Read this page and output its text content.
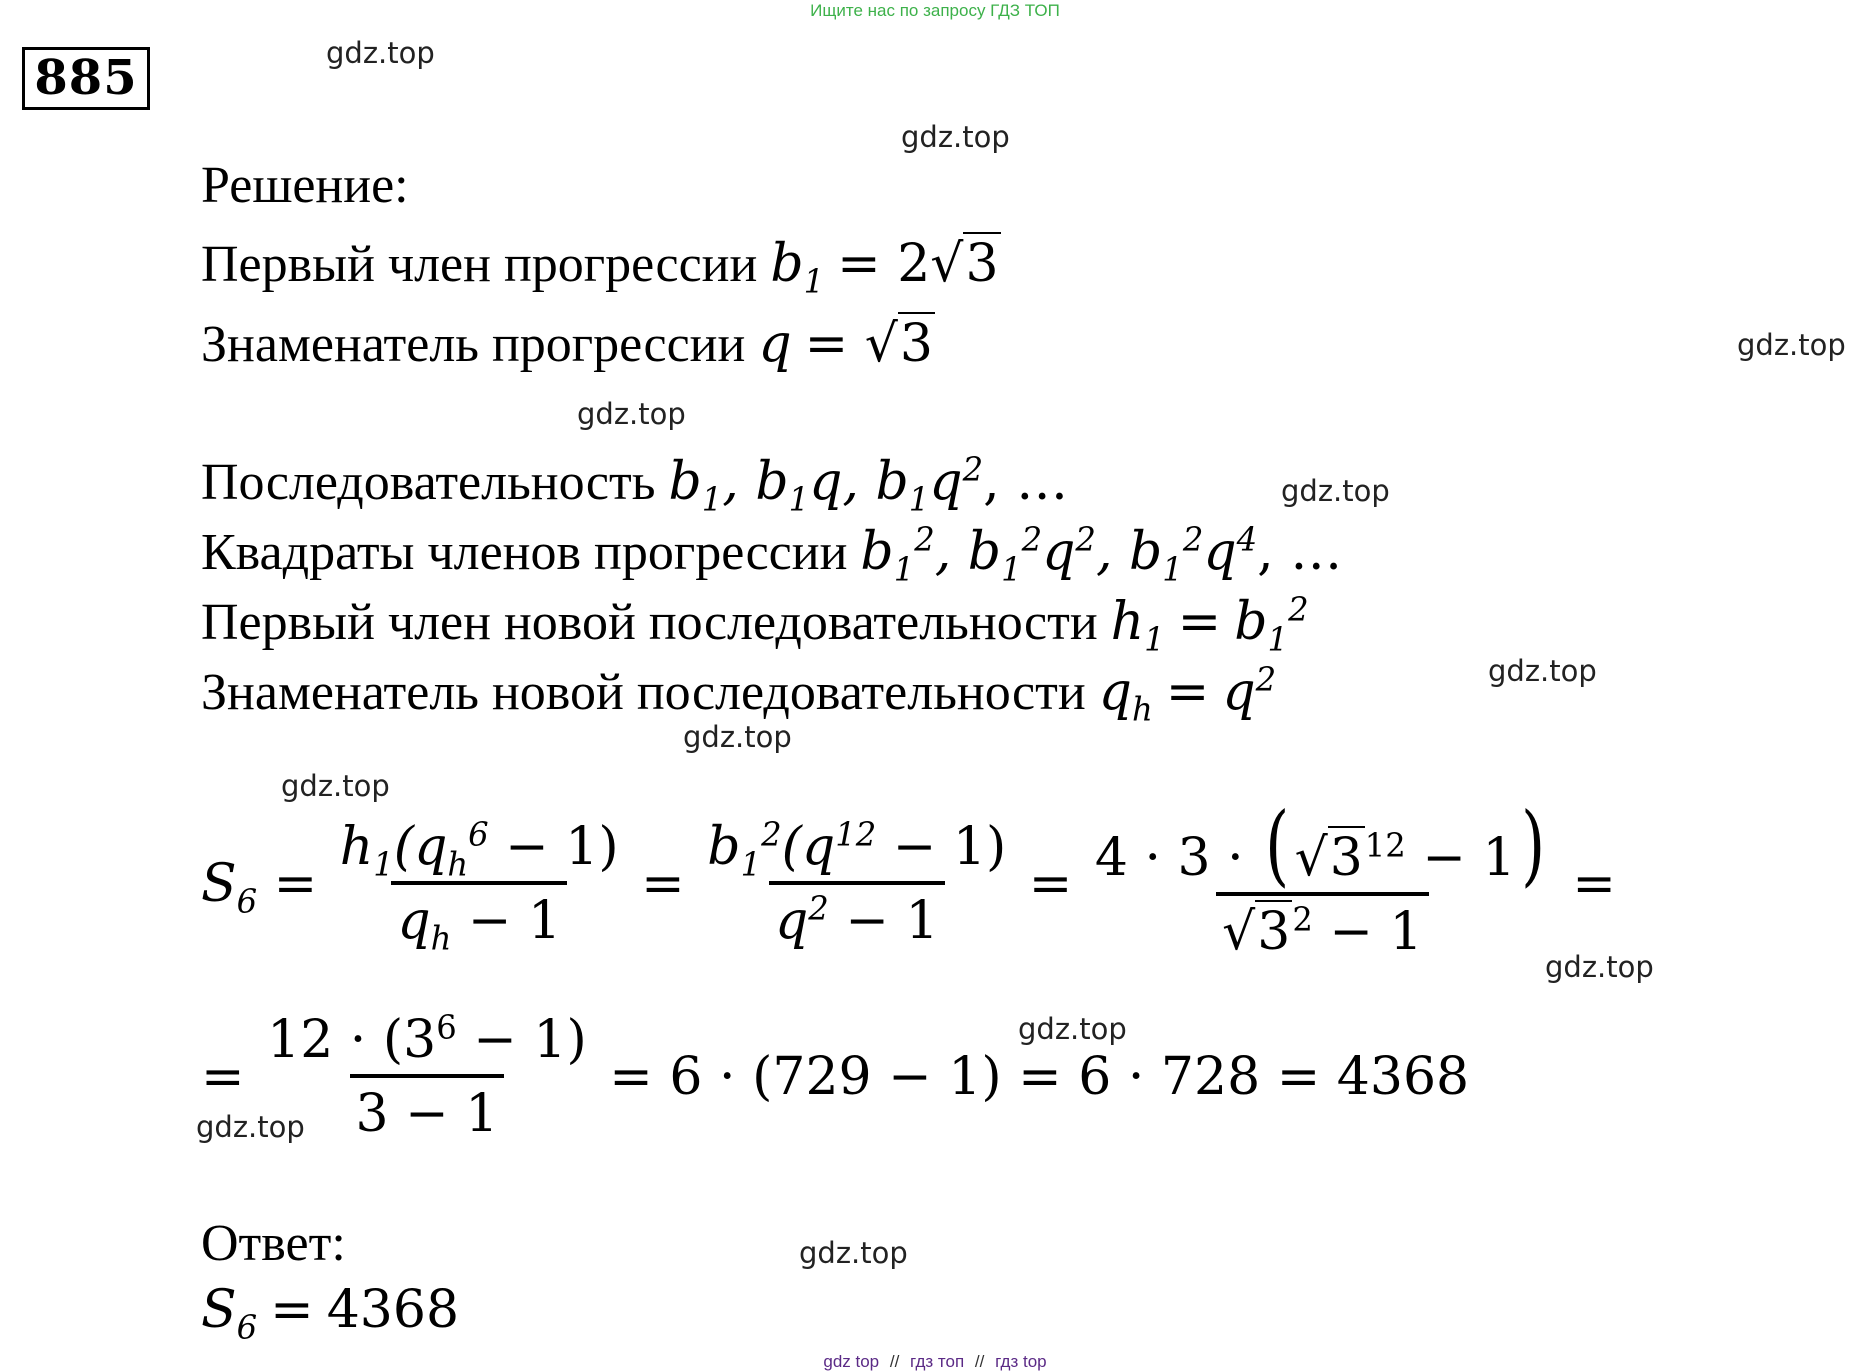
Ищите нас по запросу ГДЗ ТОП
885	gdz.top
gdz.top
gdz.top
gdz.top
gdz.top
gdz.top
gdz.top
gdz.top
gdz.top
gdz.top
gdz.top
gdz.top
Решение:
Первый член прогрессии $b_1 = 2√3$
Знаменатель прогрессии q = √3
Последовательность $b_1$, $b_1q$, $b_1q^2$, …
Квадраты членов прогрессии $b_1^2$, $b_1^2q^2$, $b_1^2q^4$, …
Первый член новой последовательности $h_1 = b_1^2$
Знаменатель новой последовательности $q_h = q^2$
$S_6 = \frac{h_1(q_h^6 - 1)}{q_h - 1} = \frac{b_1^2(q^{12} - 1)}{q^2 - 1} = \frac{4 \cdot 3 \cdot (√3^{12} - 1)}{√3^2 - 1}$ =
= $\frac{12 \cdot (3^6 - 1)}{3 - 1} = 6 \cdot (729 - 1) = 6 \cdot 728 = 4368$
Ответ:
$S_6 = 4368$
gdz top // гдз топ // гдз top
